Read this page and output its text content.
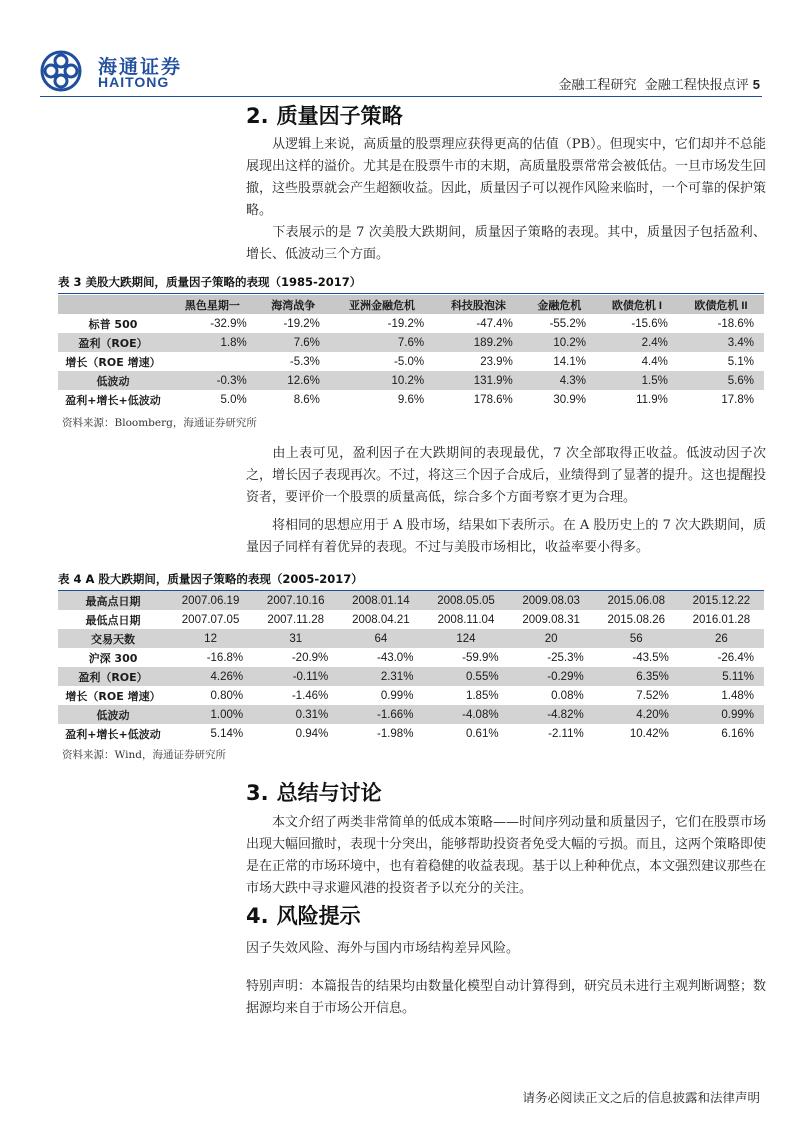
海通证券
HAITONG	金融工程研究  金融工程快报点评 5
2. 质量因子策略
从逻辑上来说，高质量的股票理应获得更高的估值（PB）。但现实中，它们却并不总能展现出这样的溢价。尤其是在股票牛市的末期，高质量股票常常会被低估。一旦市场发生回撤，这些股票就会产生超额收益。因此，质量因子可以视作风险来临时，一个可靠的保护策略。
下表展示的是 7 次美股大跌期间，质量因子策略的表现。其中，质量因子包括盈利、增长、低波动三个方面。
表 3 美股大跌期间，质量因子策略的表现（1985-2017）
	黑色星期一	海湾战争	亚洲金融危机	科技股泡沫	金融危机	欧债危机 I	欧债危机 II
标普 500	-32.9%	-19.2%	-19.2%	-47.4%	-55.2%	-15.6%	-18.6%
盈利（ROE）	1.8%	7.6%	7.6%	189.2%	10.2%	2.4%	3.4%
增长（ROE 增速）		-5.3%	-5.0%	23.9%	14.1%	4.4%	5.1%
低波动	-0.3%	12.6%	10.2%	131.9%	4.3%	1.5%	5.6%
盈利+增长+低波动	5.0%	8.6%	9.6%	178.6%	30.9%	11.9%	17.8%
资料来源：Bloomberg，海通证券研究所
由上表可见，盈利因子在大跌期间的表现最优，7 次全部取得正收益。低波动因子次之，增长因子表现再次。不过，将这三个因子合成后，业绩得到了显著的提升。这也提醒投资者，要评价一个股票的质量高低，综合多个方面考察才更为合理。
将相同的思想应用于 A 股市场，结果如下表所示。在 A 股历史上的 7 次大跌期间，质量因子同样有着优异的表现。不过与美股市场相比，收益率要小得多。
表 4 A 股大跌期间，质量因子策略的表现（2005-2017）
最高点日期	2007.06.19	2007.10.16	2008.01.14	2008.05.05	2009.08.03	2015.06.08	2015.12.22
最低点日期	2007.07.05	2007.11.28	2008.04.21	2008.11.04	2009.08.31	2015.08.26	2016.01.28
交易天数	12	31	64	124	20	56	26
沪深 300	-16.8%	-20.9%	-43.0%	-59.9%	-25.3%	-43.5%	-26.4%
盈利（ROE）	4.26%	-0.11%	2.31%	0.55%	-0.29%	6.35%	5.11%
增长（ROE 增速）	0.80%	-1.46%	0.99%	1.85%	0.08%	7.52%	1.48%
低波动	1.00%	0.31%	-1.66%	-4.08%	-4.82%	4.20%	0.99%
盈利+增长+低波动	5.14%	0.94%	-1.98%	0.61%	-2.11%	10.42%	6.16%
资料来源：Wind，海通证券研究所
3. 总结与讨论
本文介绍了两类非常简单的低成本策略——时间序列动量和质量因子，它们在股票市场出现大幅回撤时，表现十分突出，能够帮助投资者免受大幅的亏损。而且，这两个策略即使是在正常的市场环境中，也有着稳健的收益表现。基于以上种种优点，本文强烈建议那些在市场大跌中寻求避风港的投资者予以充分的关注。
4. 风险提示
因子失效风险、海外与国内市场结构差异风险。
特别声明：本篇报告的结果均由数量化模型自动计算得到，研究员未进行主观判断调整；数据源均来自于市场公开信息。
请务必阅读正文之后的信息披露和法律声明
